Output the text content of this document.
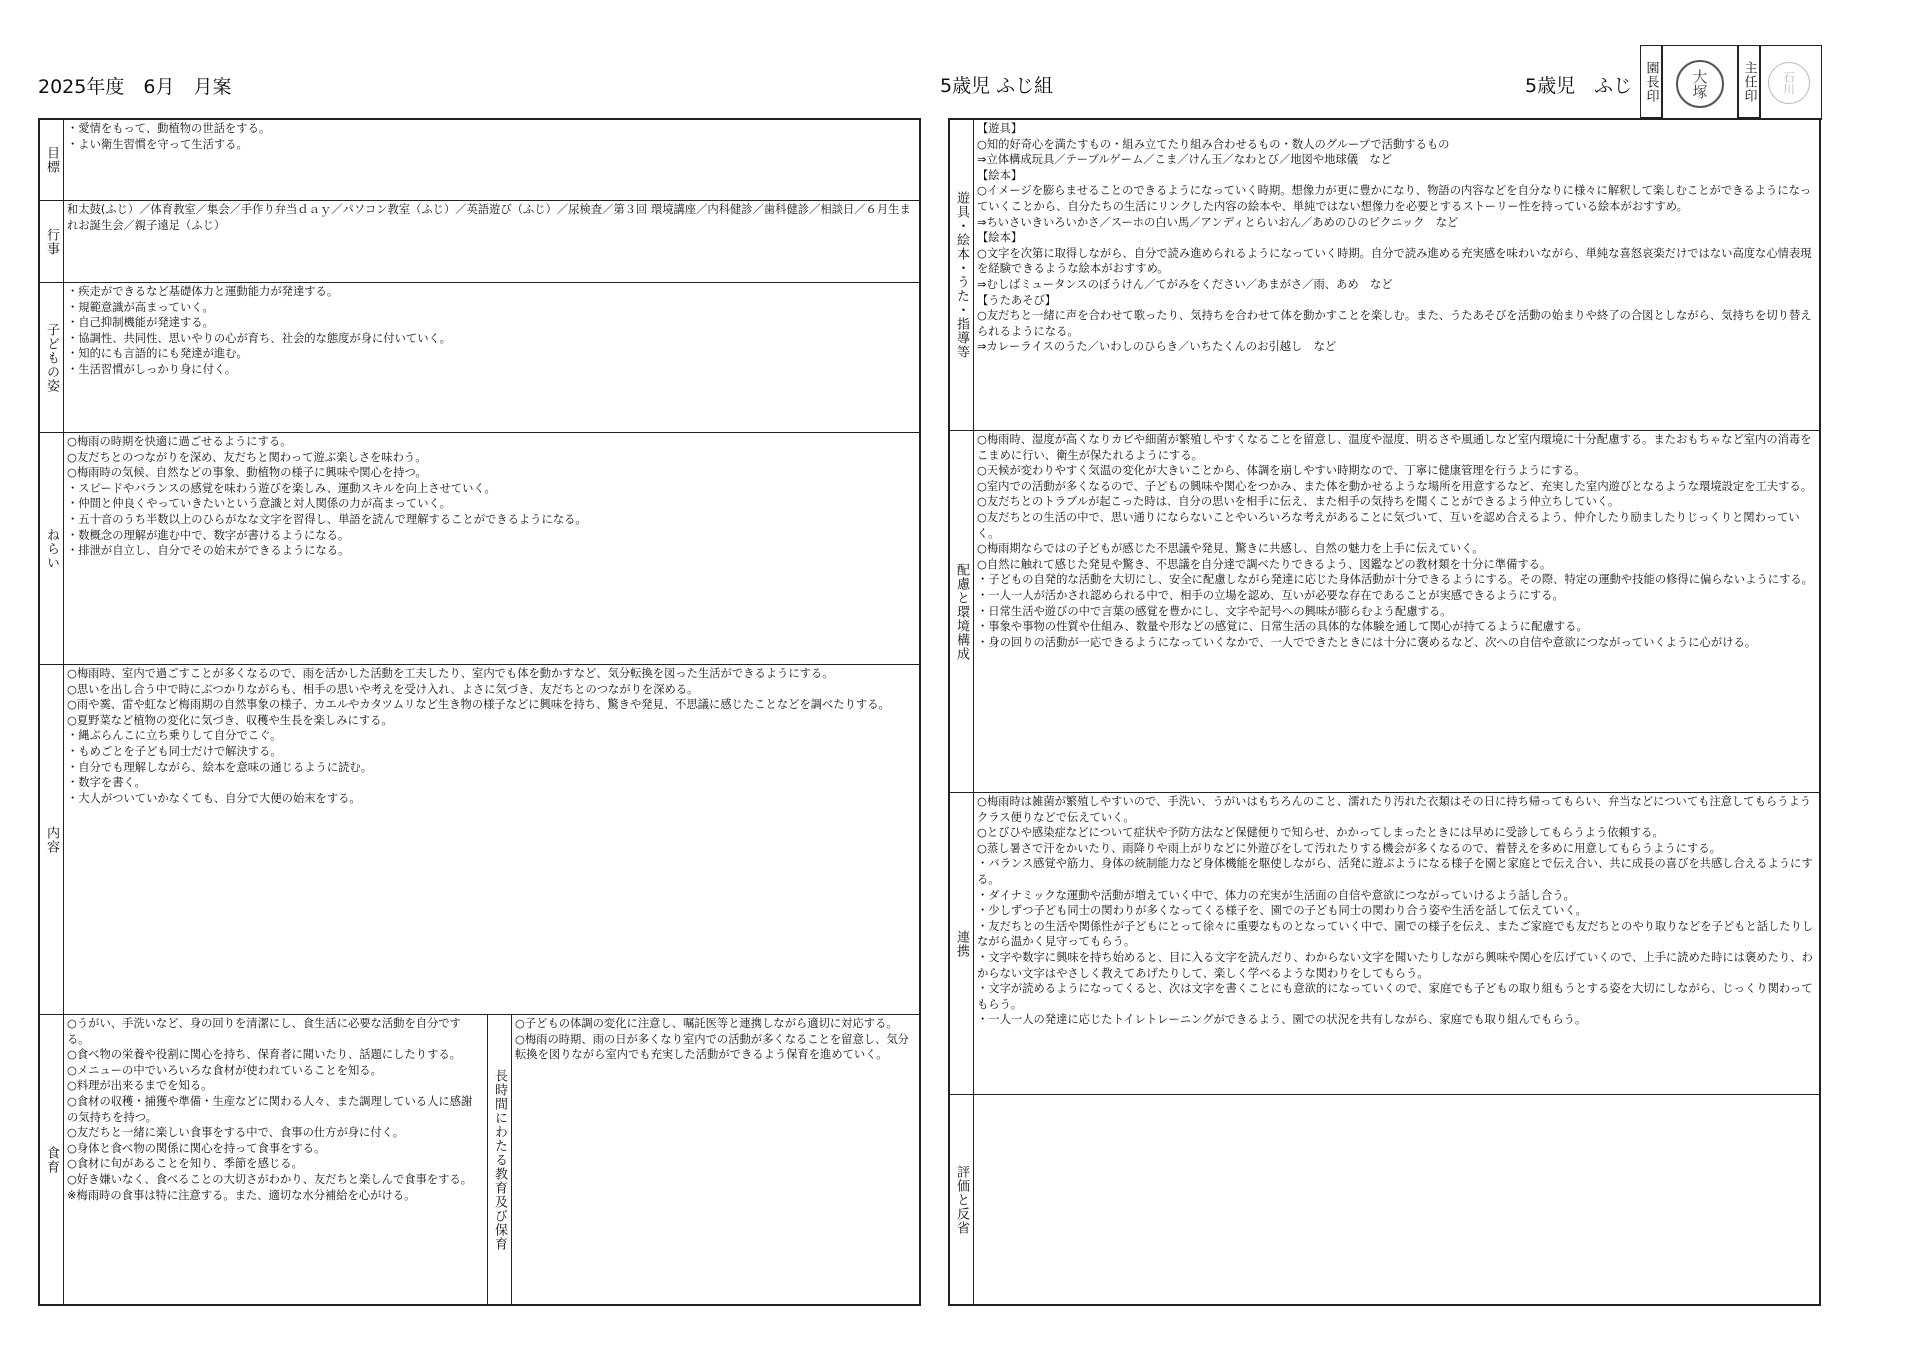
2025年度　6月　月案	5歳児 ふじ組	5歳児　ふじ 園長印	大塚	主任印	石川
目標
・愛情をもって、動植物の世話をする。
・よい衛生習慣を守って生活する。
行事
和太鼓(ふじ）／体育教室／集会／手作り弁当ｄａｙ／パソコン教室（ふじ）／英語遊び（ふじ）／尿検査／第３回 環境講座／内科健診／歯科健診／相談日／６月生まれお誕生会／親子遠足（ふじ）
子どもの姿
・疾走ができるなど基礎体力と運動能力が発達する。
・規範意識が高まっていく。
・自己抑制機能が発達する。
・協調性、共同性、思いやりの心が育ち、社会的な態度が身に付いていく。
・知的にも言語的にも発達が進む。
・生活習慣がしっかり身に付く。
ねらい
○梅雨の時期を快適に過ごせるようにする。
○友だちとのつながりを深め、友だちと関わって遊ぶ楽しさを味わう。
○梅雨時の気候、自然などの事象、動植物の様子に興味や関心を持つ。
・スピードやバランスの感覚を味わう遊びを楽しみ、運動スキルを向上させていく。
・仲間と仲良くやっていきたいという意識と対人関係の力が高まっていく。
・五十音のうち半数以上のひらがなな文字を習得し、単語を読んで理解することができるようになる。
・数概念の理解が進む中で、数字が書けるようになる。
・排泄が自立し、自分でその始末ができるようになる。
内容
○梅雨時、室内で過ごすことが多くなるので、雨を活かした活動を工夫したり、室内でも体を動かすなど、気分転換を図った生活ができるようにする。
○思いを出し合う中で時にぶつかりながらも、相手の思いや考えを受け入れ、よさに気づき、友だちとのつながりを深める。
○雨や霙、雷や虹など梅雨期の自然事象の様子、カエルやカタツムリなど生き物の様子などに興味を持ち、驚きや発見、不思議に感じたことなどを調べたりする。
○夏野菜など植物の変化に気づき、収穫や生長を楽しみにする。
・縄ぶらんこに立ち乗りして自分でこぐ。
・もめごとを子ども同士だけで解決する。
・自分でも理解しながら、絵本を意味の通じるように読む。
・数字を書く。
・大人がついていかなくても、自分で大便の始末をする。
食育
○うがい、手洗いなど、身の回りを清潔にし、食生活に必要な活動を自分でする。
○食べ物の栄養や役割に関心を持ち、保育者に聞いたり、話題にしたりする。
○メニューの中でいろいろな食材が使われていることを知る。
○料理が出来るまでを知る。
○食材の収穫・捕獲や準備・生産などに関わる人々、また調理している人に感謝の気持ちを持つ。
○友だちと一緒に楽しい食事をする中で、食事の仕方が身に付く。
○身体と食べ物の関係に関心を持って食事をする。
○食材に旬があることを知り、季節を感じる。
○好き嫌いなく、食べることの大切さがわかり、友だちと楽しんで食事をする。
※梅雨時の食事は特に注意する。また、適切な水分補給を心がける。	長時間にわたる教育及び保育
○子どもの体調の変化に注意し、嘱託医等と連携しながら適切に対応する。
○梅雨の時期、雨の日が多くなり室内での活動が多くなることを留意し、気分転換を図りながら室内でも充実した活動ができるよう保育を進めていく。
遊具・絵本・うた・指導等
【遊具】
○知的好奇心を満たすもの・組み立てたり組み合わせるもの・数人のグループで活動するもの
⇒立体構成玩具／テーブルゲーム／こま／けん玉／なわとび／地図や地球儀　など
【絵本】
○イメージを膨らませることのできるようになっていく時期。想像力が更に豊かになり、物語の内容などを自分なりに様々に解釈して楽しむことができるようになっていくことから、自分たちの生活にリンクした内容の絵本や、単純ではない想像力を必要とするストーリー性を持っている絵本がおすすめ。
⇒ちいさいきいろいかさ／スーホの白い馬／アンディとらいおん／あめのひのピクニック　など
【絵本】
○文字を次第に取得しながら、自分で読み進められるようになっていく時期。自分で読み進める充実感を味わいながら、単純な喜怒哀楽だけではない高度な心情表現を経験できるような絵本がおすすめ。
⇒むしばミュータンスのぼうけん／てがみをください／あまがさ／雨、あめ　など
【うたあそび】
○友だちと一緒に声を合わせて歌ったり、気持ちを合わせて体を動かすことを楽しむ。また、うたあそびを活動の始まりや終了の合図としながら、気持ちを切り替えられるようになる。
⇒カレーライスのうた／いわしのひらき／いちたくんのお引越し　など
配慮と環境構成
○梅雨時、湿度が高くなりカビや細菌が繁殖しやすくなることを留意し、温度や湿度、明るさや風通しなど室内環境に十分配慮する。またおもちゃなど室内の消毒をこまめに行い、衛生が保たれるようにする。
○天候が変わりやすく気温の変化が大きいことから、体調を崩しやすい時期なので、丁寧に健康管理を行うようにする。
○室内での活動が多くなるので、子どもの興味や関心をつかみ、また体を動かせるような場所を用意するなど、充実した室内遊びとなるような環境設定を工夫する。
○友だちとのトラブルが起こった時は、自分の思いを相手に伝え、また相手の気持ちを聞くことができるよう仲立ちしていく。
○友だちとの生活の中で、思い通りにならないことやいろいろな考えがあることに気づいて、互いを認め合えるよう、仲介したり励ましたりじっくりと関わっていく。
○梅雨期ならではの子どもが感じた不思議や発見、驚きに共感し、自然の魅力を上手に伝えていく。
○自然に触れて感じた発見や驚き、不思議を自分達で調べたりできるよう、図鑑などの教材類を十分に準備する。
・子どもの自発的な活動を大切にし、安全に配慮しながら発達に応じた身体活動が十分できるようにする。その際、特定の運動や技能の修得に偏らないようにする。
・一人一人が活かされ認められる中で、相手の立場を認め、互いが必要な存在であることが実感できるようにする。
・日常生活や遊びの中で言葉の感覚を豊かにし、文字や記号への興味が膨らむよう配慮する。
・事象や事物の性質や仕組み、数量や形などの感覚に、日常生活の具体的な体験を通して関心が持てるように配慮する。
・身の回りの活動が一応できるようになっていくなかで、一人でできたときには十分に褒めるなど、次への自信や意欲につながっていくように心がける。
連携
○梅雨時は雑菌が繁殖しやすいので、手洗い、うがいはもちろんのこと、濡れたり汚れた衣類はその日に持ち帰ってもらい、弁当などについても注意してもらうようクラス便りなどで伝えていく。
○とびひや感染症などについて症状や予防方法など保健便りで知らせ、かかってしまったときには早めに受診してもらうよう依頼する。
○蒸し暑さで汗をかいたり、雨降りや雨上がりなどに外遊びをして汚れたりする機会が多くなるので、着替えを多めに用意してもらうようにする。
・バランス感覚や筋力、身体の統制能力など身体機能を駆使しながら、活発に遊ぶようになる様子を園と家庭とで伝え合い、共に成長の喜びを共感し合えるようにする。
・ダイナミックな運動や活動が増えていく中で、体力の充実が生活面の自信や意欲につながっていけるよう話し合う。
・少しずつ子ども同士の関わりが多くなってくる様子を、園での子ども同士の関わり合う姿や生活を話して伝えていく。
・友だちとの生活や関係性が子どもにとって徐々に重要なものとなっていく中で、園での様子を伝え、またご家庭でも友だちとのやり取りなどを子どもと話したりしながら温かく見守ってもらう。
・文字や数字に興味を持ち始めると、目に入る文字を読んだり、わからない文字を聞いたりしながら興味や関心を広げていくので、上手に読めた時には褒めたり、わからない文字はやさしく教えてあげたりして、楽しく学べるような関わりをしてもらう。
・文字が読めるようになってくると、次は文字を書くことにも意欲的になっていくので、家庭でも子どもの取り組もうとする姿を大切にしながら、じっくり関わってもらう。
・一人一人の発達に応じたトイレトレーニングができるよう、園での状況を共有しながら、家庭でも取り組んでもらう。
評価と反省
